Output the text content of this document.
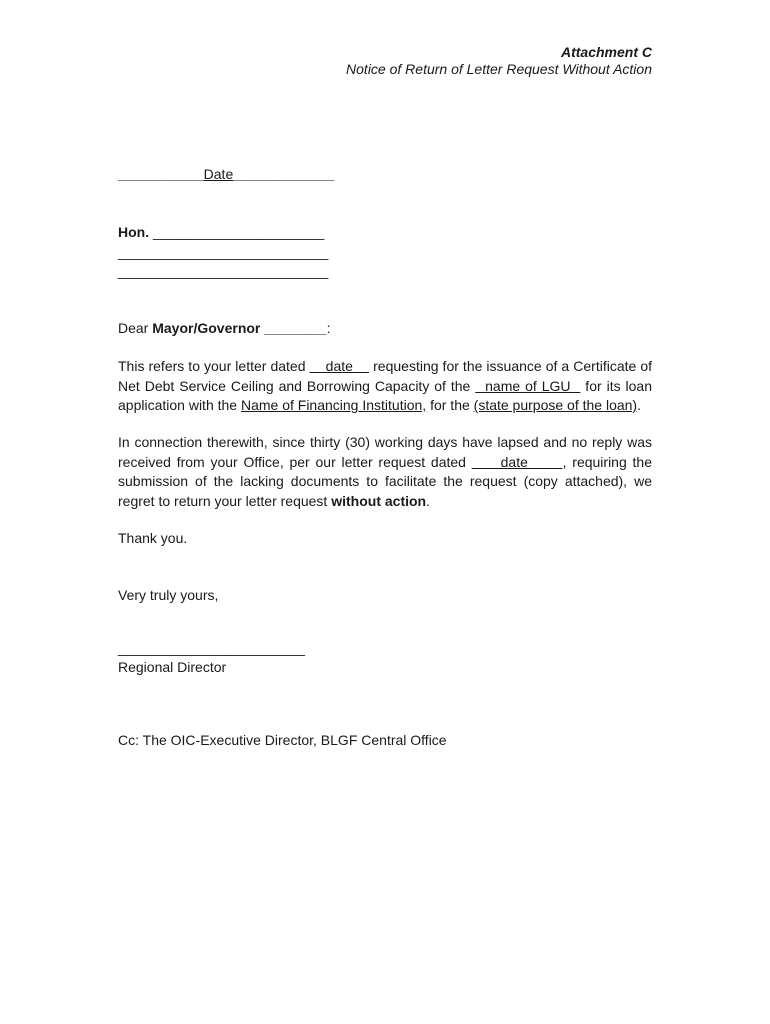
Attachment C
Notice of Return of Letter Request Without Action
___________Date_____________
Hon. ______________________
___________________________
___________________________
Dear Mayor/Governor ________:
This refers to your letter dated     date     requesting for the issuance of a Certificate of Net Debt Service Ceiling and Borrowing Capacity of the   name of LGU   for its loan application with the Name of Financing Institution, for the (state purpose of the loan).
In connection therewith, since thirty (30) working days have lapsed and no reply was received from your Office, per our letter request dated      date      , requiring the submission of the lacking documents to facilitate the request (copy attached), we regret to return your letter request without action.
Thank you.
Very truly yours,
________________________
Regional Director
Cc: The OIC-Executive Director, BLGF Central Office
